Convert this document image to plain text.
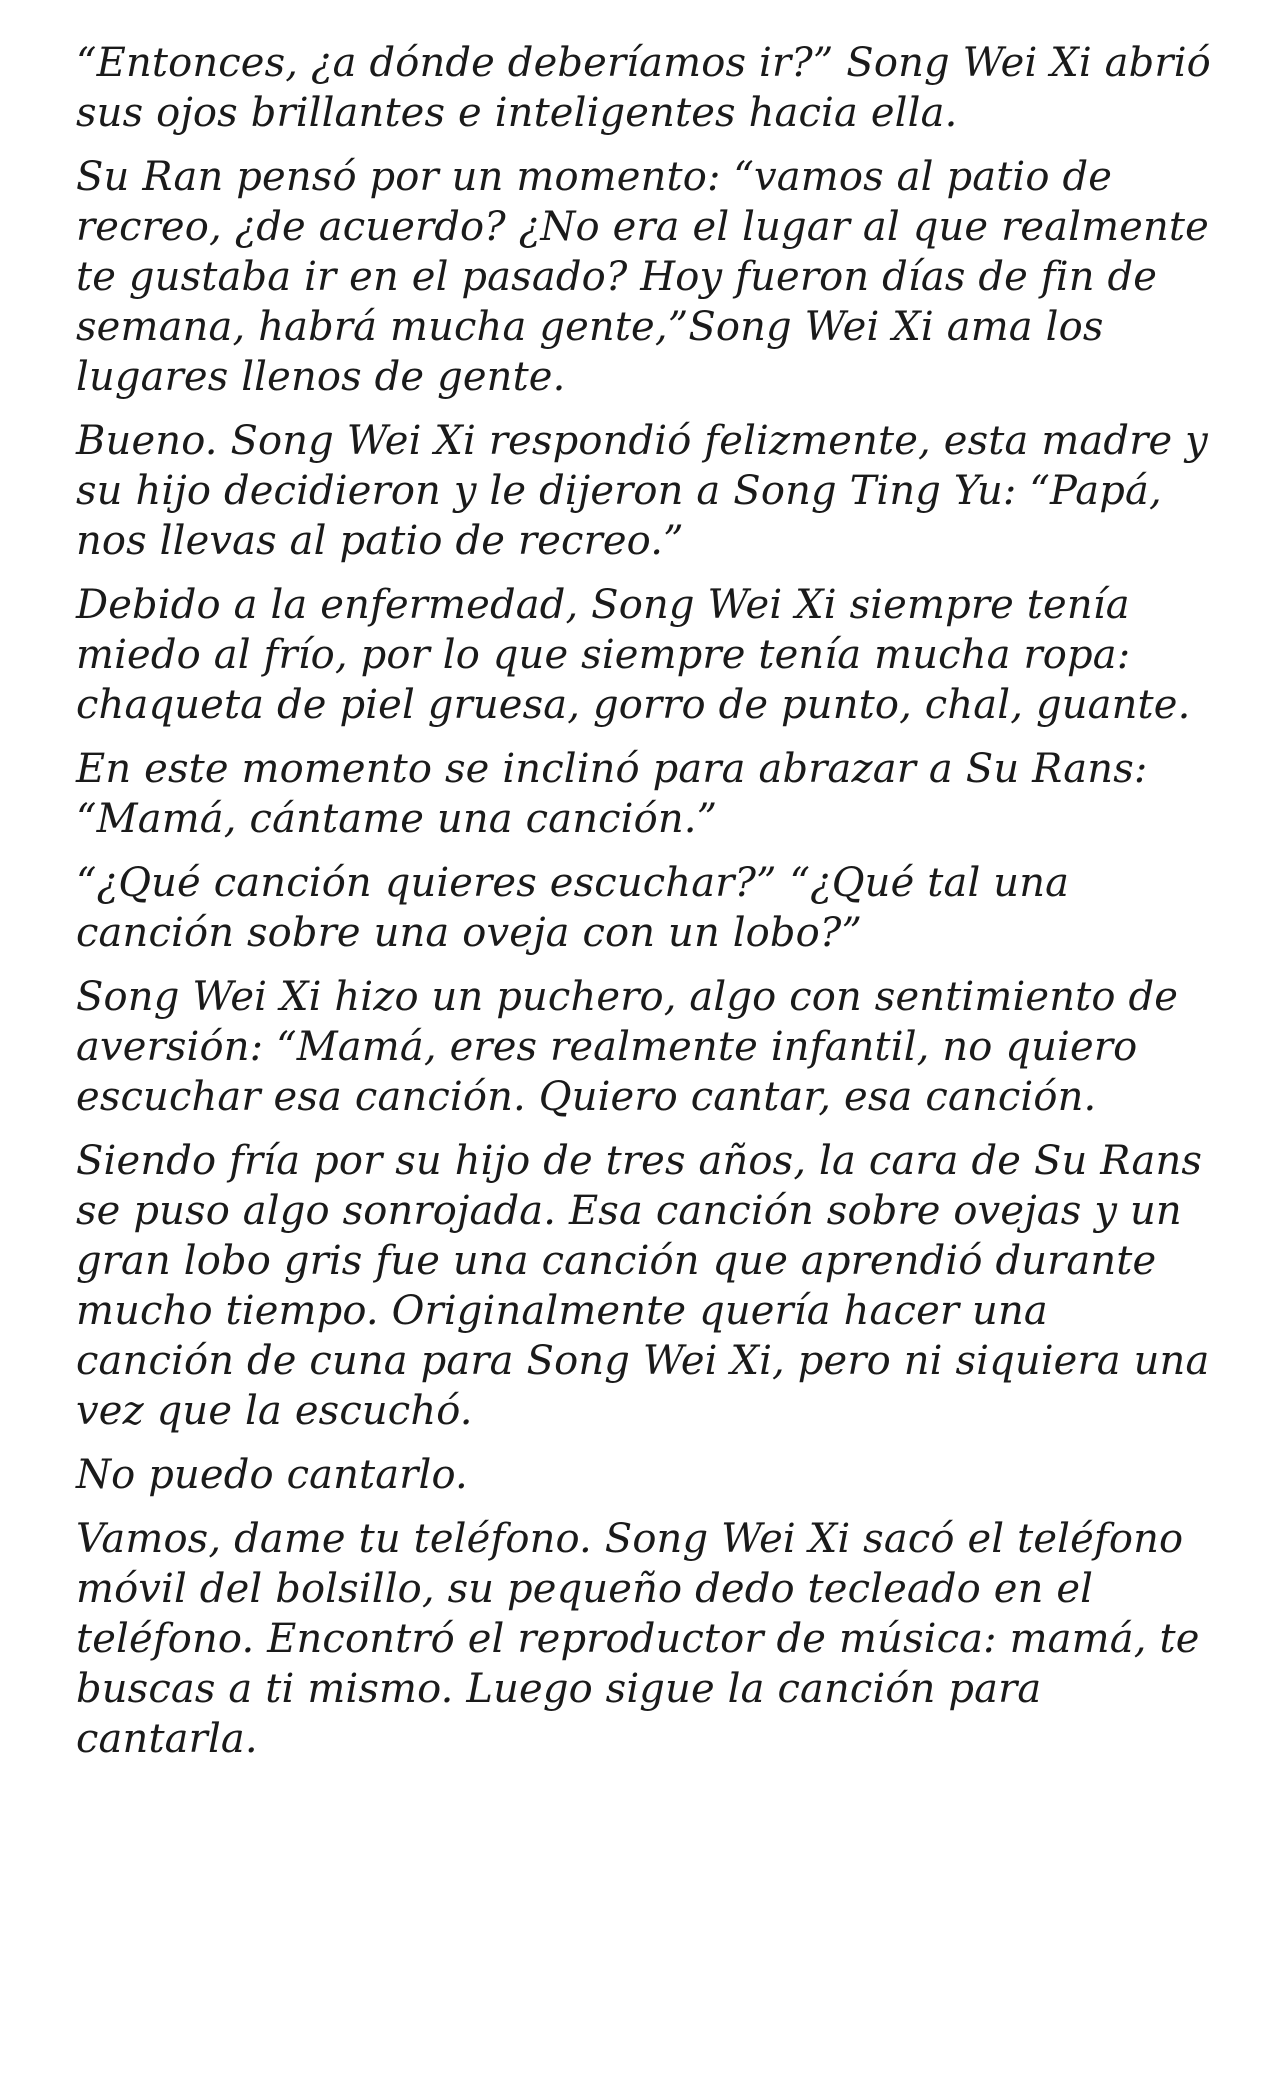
“Entonces, ¿a dónde deberíamos ir?” Song Wei Xi abrió sus ojos brillantes e inteligentes hacia ella.

Su Ran pensó por un momento: “vamos al patio de recreo, ¿de acuerdo? ¿No era el lugar al que realmente te gustaba ir en el pasado? Hoy fueron días de fin de semana, habrá mucha gente,”Song Wei Xi ama los lugares llenos de gente.

Bueno. Song Wei Xi respondió felizmente, esta madre y su hijo decidieron y le dijeron a Song Ting Yu: “Papá, nos llevas al patio de recreo.”

Debido a la enfermedad, Song Wei Xi siempre tenía miedo al frío, por lo que siempre tenía mucha ropa: chaqueta de piel gruesa, gorro de punto, chal, guante.

En este momento se inclinó para abrazar a Su Rans: “Mamá, cántame una canción.”

“¿Qué canción quieres escuchar?” “¿Qué tal una canción sobre una oveja con un lobo?”

Song Wei Xi hizo un puchero, algo con sentimiento de aversión: “Mamá, eres realmente infantil, no quiero escuchar esa canción. Quiero cantar, esa canción.

Siendo fría por su hijo de tres años, la cara de Su Rans se puso algo sonrojada. Esa canción sobre ovejas y un gran lobo gris fue una canción que aprendió durante mucho tiempo. Originalmente quería hacer una canción de cuna para Song Wei Xi, pero ni siquiera una vez que la escuchó.

No puedo cantarlo.

Vamos, dame tu teléfono. Song Wei Xi sacó el teléfono móvil del bolsillo, su pequeño dedo tecleado en el teléfono. Encontró el reproductor de música: mamá, te buscas a ti mismo. Luego sigue la canción para cantarla.
